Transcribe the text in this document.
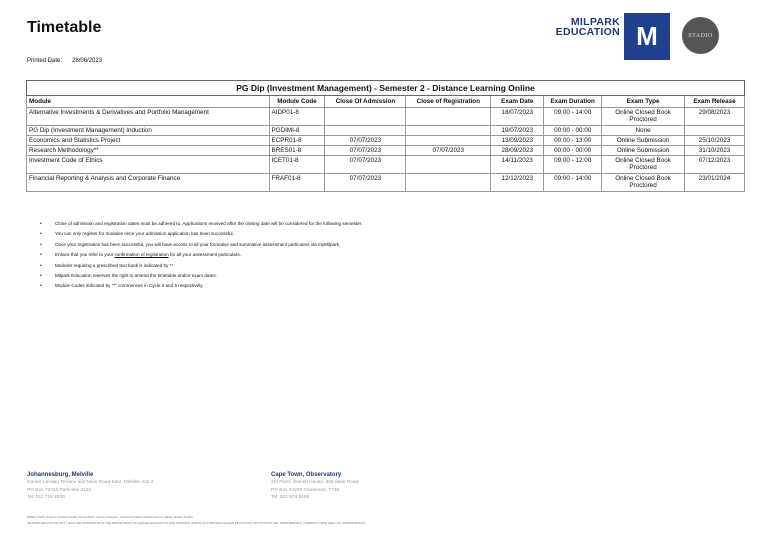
Timetable
Printed Date: 28/06/2023
MILPARK EDUCATION M	STADIO
PG Dip (Investment Management) - Semester 2 - Distance Learning Online							
Module	Module Code	Close Of Admission	Close of Registration	Exam Date	Exam Duration	Exam Type	Exam Release
Alternative Investments & Derivatives and Portfolio Management	AIDP01-8			18/07/2023	09:00 - 14:00	Online Closed Book Proctored	29/08/2023
PG Dip (Investment Management) Induction	PGDIMI-8			19/07/2023	00:00 - 00:00	None	
Economics and Statistics Project	ECPR01-8	07/07/2023		13/09/2023	00:00 - 13:00	Online Submission	25/10/2023
Research Methodology**	BRES01-8	07/07/2023	07/07/2023	28/09/2023	00:00 - 00:00	Online Submission	31/10/2023
Investment Code of Ethics	ICET01-8	07/07/2023		14/11/2023	09:00 - 12:00	Online Closed Book Proctored	07/12/2023
Financial Reporting & Analysis and Corporate Finance	FRAF01-8	07/07/2023		12/12/2023	09:00 - 14:00	Online Closed Book Proctored	23/01/2024
• Close of admission and registration dates must be adhered to. Applications received after the closing date will be considered for the following semester.
• You can only register for modules once your admission application has been successful.
• Once your registration has been successful, you will have access to all your formative and summative assessment particulars via myMilpark.
• Ensure that you refer to your confirmation of registration for all your assessment particulars.
• Modules requiring a prescribed text book is indicated by **.
• Milpark Education reserves the right to amend the timetable and/or exam dates.
• Module Codes indicated by "*" commences in Cycle 2 and 5 respectively.
Johannesburg, Melville
Corner Landau Terrace and Main Road East, Melville, Ext 2
PO Box 72413 Parkview 2122
Tel: 011 718 4000
Cape Town, Observatory
3rd Floor, Osmelt House, 358 Main Road
PO Box 44233 Claremont, 7735
Tel: 021 673 9100
DIRECTORS: Andrew Charles Henkel, Divya Pretz, Sarvan Putaram, Christian Phillipus Daniel Horner, Tabita Janitha Tupala
MILPARK EDUCATION (PTY) (ELS) REGISTERED WITH THE DEPARTMENT OF HIGHER EDUCATION AND TRAINING (DHET) AS A PRIVATE HIGHER EDUCATION INSTITUTION (NO. 2009/HE06/004). COMPANY (SPE) (REG NO: 2006/020904/07)
